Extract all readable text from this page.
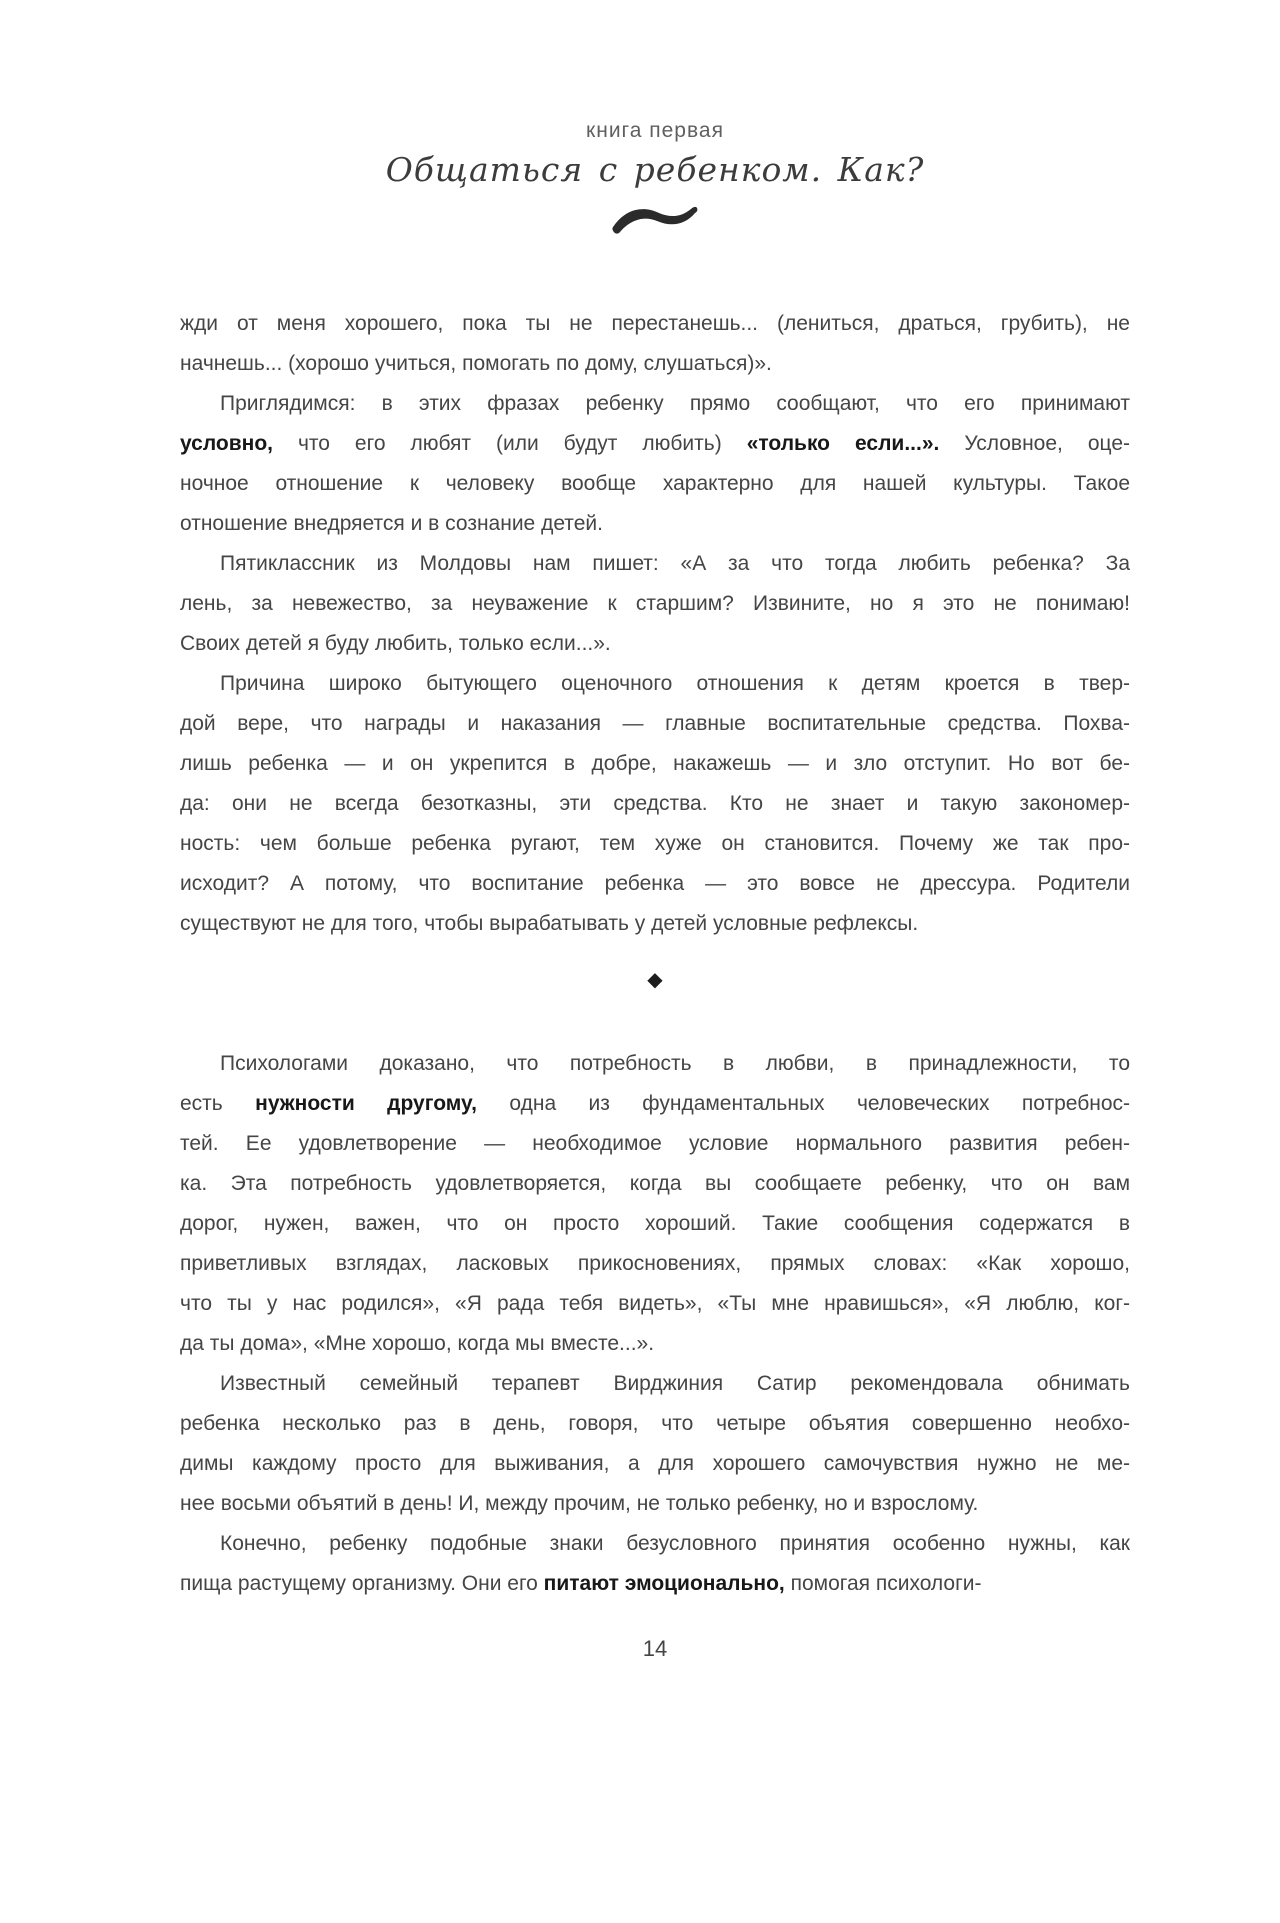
книга первая
Общаться с ребенком. Как?
жди от меня хорошего, пока ты не перестанешь... (лениться, драться, грубить), не
начнешь... (хорошо учиться, помогать по дому, слушаться)».
Приглядимся: в этих фразах ребенку прямо сообщают, что его принимают
условно, что его любят (или будут любить) «только если...». Условное, оце-
ночное отношение к человеку вообще характерно для нашей культуры. Такое
отношение внедряется и в сознание детей.
Пятиклассник из Молдовы нам пишет: «А за что тогда любить ребенка? За
лень, за невежество, за неуважение к старшим? Извините, но я это не понимаю!
Своих детей я буду любить, только если...».
Причина широко бытующего оценочного отношения к детям кроется в твер-
дой вере, что награды и наказания — главные воспитательные средства. Похва-
лишь ребенка — и он укрепится в добре, накажешь — и зло отступит. Но вот бе-
да: они не всегда безотказны, эти средства. Кто не знает и такую закономер-
ность: чем больше ребенка ругают, тем хуже он становится. Почему же так про-
исходит? А потому, что воспитание ребенка — это вовсе не дрессура. Родители
существуют не для того, чтобы вырабатывать у детей условные рефлексы.
◆
Психологами доказано, что потребность в любви, в принадлежности, то
есть нужности другому, одна из фундаментальных человеческих потребнос-
тей. Ее удовлетворение — необходимое условие нормального развития ребен-
ка. Эта потребность удовлетворяется, когда вы сообщаете ребенку, что он вам
дорог, нужен, важен, что он просто хороший. Такие сообщения содержатся в
приветливых взглядах, ласковых прикосновениях, прямых словах: «Как хорошо,
что ты у нас родился», «Я рада тебя видеть», «Ты мне нравишься», «Я люблю, ког-
да ты дома», «Мне хорошо, когда мы вместе...».
Известный семейный терапевт Вирджиния Сатир рекомендовала обнимать
ребенка несколько раз в день, говоря, что четыре объятия совершенно необхо-
димы каждому просто для выживания, а для хорошего самочувствия нужно не ме-
нее восьми объятий в день! И, между прочим, не только ребенку, но и взрослому.
Конечно, ребенку подобные знаки безусловного принятия особенно нужны, как
пища растущему организму. Они его питают эмоционально, помогая психологи-
14
